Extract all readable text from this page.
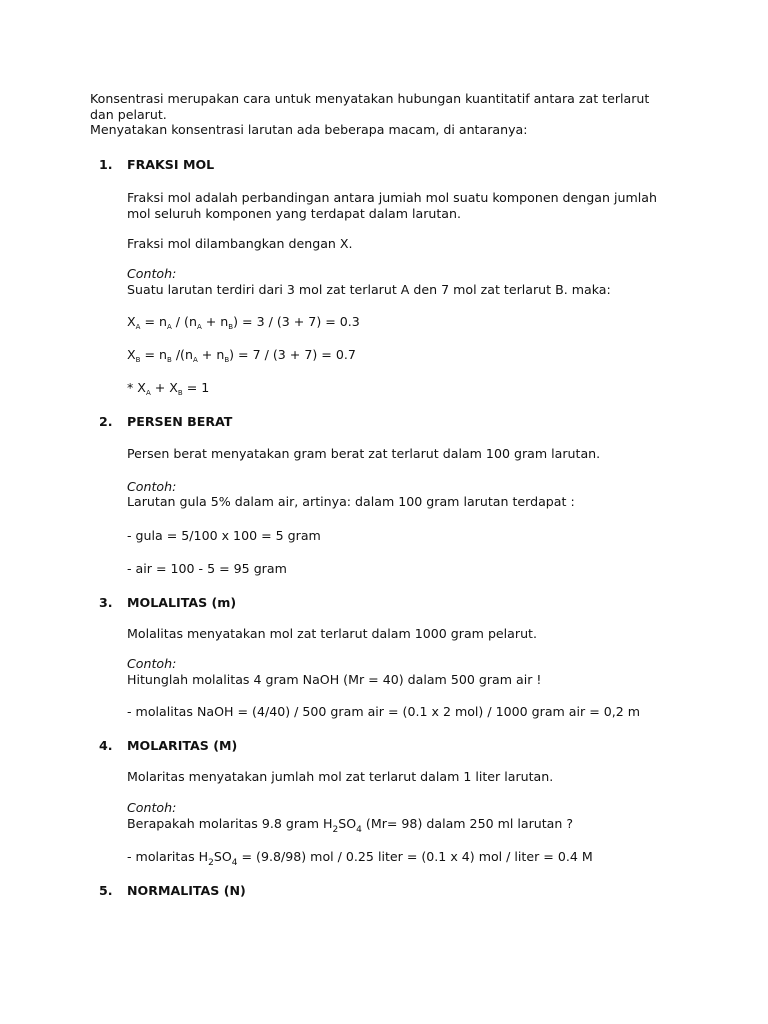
Konsentrasi merupakan cara untuk menyatakan hubungan kuantitatif antara zat terlarut
dan pelarut.
Menyatakan konsentrasi larutan ada beberapa macam, di antaranya:
1. FRAKSI MOL
Fraksi mol adalah perbandingan antara jumiah mol suatu komponen dengan jumlah
mol seluruh komponen yang terdapat dalam larutan.
Fraksi mol dilambangkan dengan X.
Contoh:
Suatu larutan terdiri dari 3 mol zat terlarut A den 7 mol zat terlarut B. maka:
$X_A = n_A / (n_A + n_B) = 3 / (3 + 7) = 0.3$
$X_B = n_B$ $/(n_A + n_B) = 7 / (3 + 7) = 0.7$
* $X_A + X_B = 1$
2. PERSEN BERAT
Persen berat menyatakan gram berat zat terlarut dalam 100 gram larutan.
Contoh:
Larutan gula 5% dalam air, artinya: dalam 100 gram larutan terdapat :
- gula = 5/100 x 100 = 5 gram
- air = 100 - 5 = 95 gram
3. MOLALITAS (m)
Molalitas menyatakan mol zat terlarut dalam 1000 gram pelarut.
Contoh:
Hitunglah molalitas 4 gram NaOH (Mr = 40) dalam 500 gram air !
- molalitas NaOH = (4/40) / 500 gram air = (0.1 x 2 mol) / 1000 gram air = 0,2 m
4. MOLARITAS (M)
Molaritas menyatakan jumlah mol zat terlarut dalam 1 liter larutan.
Contoh:
Berapakah molaritas 9.8 gram $H_2SO_4$ (Mr= 98) dalam 250 ml larutan ?
- molaritas $H_2SO_4 = (9.8/98)$ mol / 0.25 liter = (0.1 x 4) mol / liter = 0.4 M
5. NORMALITAS (N)
